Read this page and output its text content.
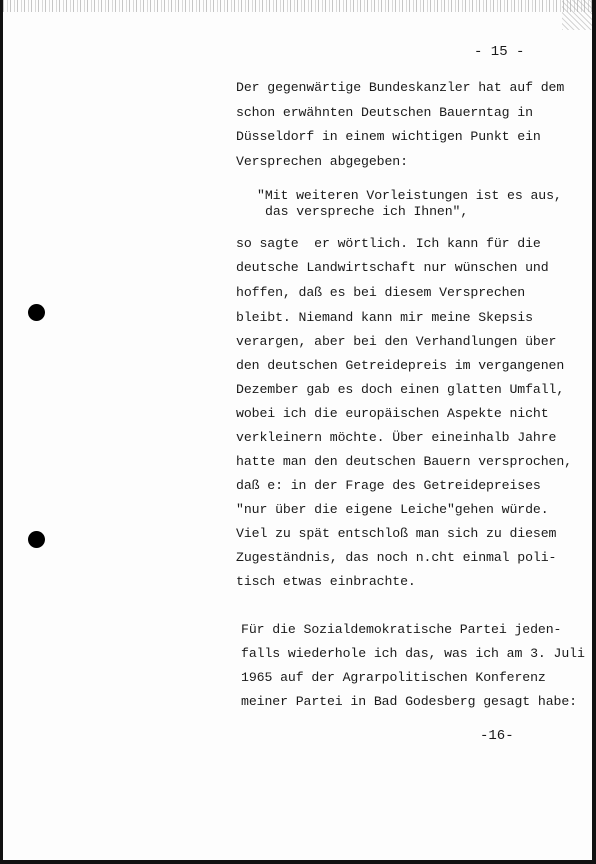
- 15 -
Der gegenwärtige Bundeskanzler hat auf dem
schon erwähnten Deutschen Bauerntag in
Düsseldorf in einem wichtigen Punkt ein
Versprechen abgegeben:
"Mit weiteren Vorleistungen ist es aus,
das verspreche ich Ihnen",
so sagte  er wörtlich. Ich kann für die
deutsche Landwirtschaft nur wünschen und
hoffen, daß es bei diesem Versprechen
bleibt. Niemand kann mir meine Skepsis
verargen, aber bei den Verhandlungen über
den deutschen Getreidepreis im vergangenen
Dezember gab es doch einen glatten Umfall,
wobei ich die europäischen Aspekte nicht
verkleinern möchte. Über eineinhalb Jahre
hatte man den deutschen Bauern versprochen,
daß e: in der Frage des Getreidepreises
"nur über die eigene Leiche"gehen würde.
Viel zu spät entschloß man sich zu diesem
Zugeständnis, das noch n.cht einmal poli-
tisch etwas einbrachte.
Für die Sozialdemokratische Partei jeden-
falls wiederhole ich das, was ich am 3. Juli
1965 auf der Agrarpolitischen Konferenz
meiner Partei in Bad Godesberg gesagt habe:
-16-
